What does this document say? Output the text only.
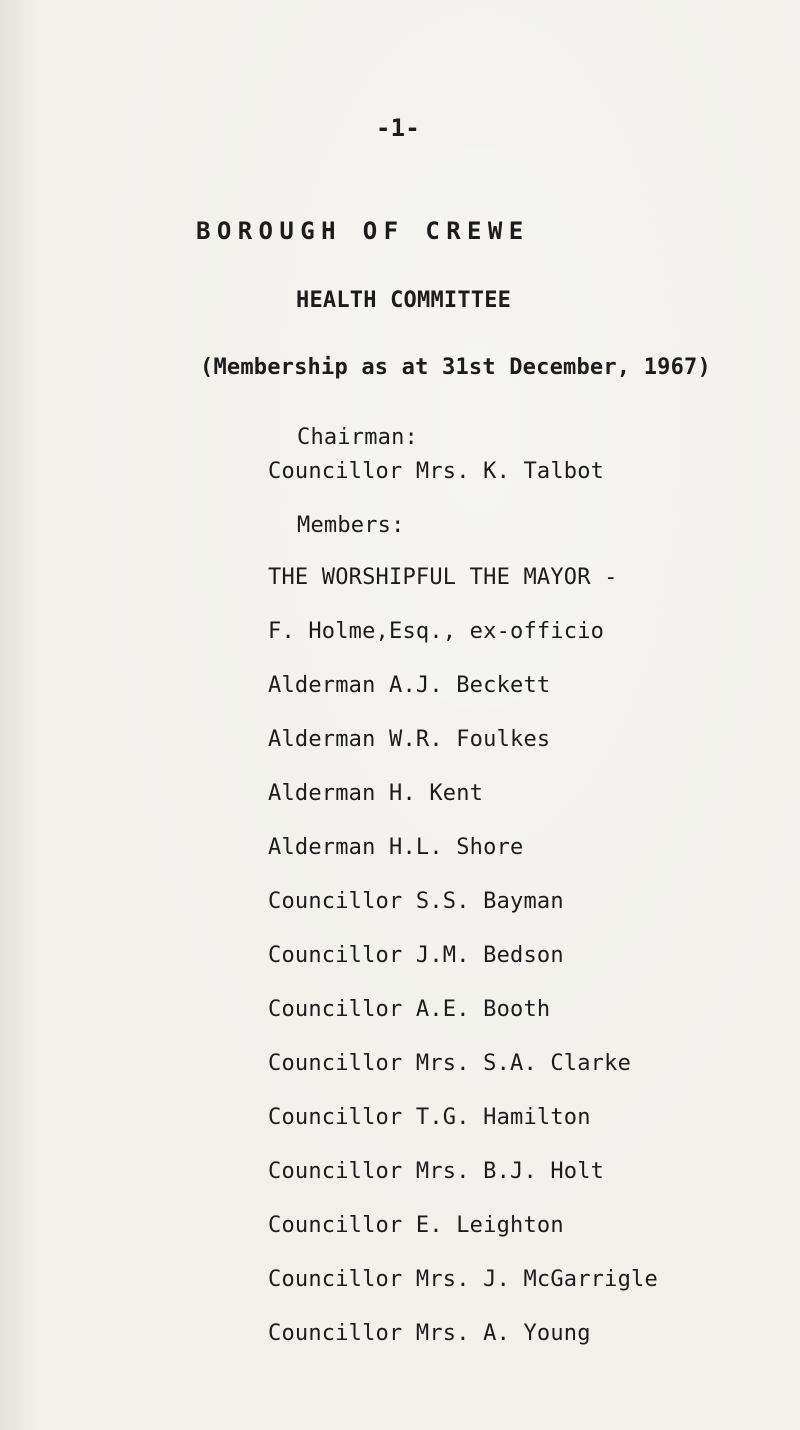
-1-
BOROUGH OF CREWE
HEALTH COMMITTEE
(Membership as at 31st December, 1967)
Chairman:
Councillor Mrs. K. Talbot
Members:
THE WORSHIPFUL THE MAYOR -
F. Holme,Esq., ex-officio
Alderman A.J. Beckett
Alderman W.R. Foulkes
Alderman H. Kent
Alderman H.L. Shore
Councillor S.S. Bayman
Councillor J.M. Bedson
Councillor A.E. Booth
Councillor Mrs. S.A. Clarke
Councillor T.G. Hamilton
Councillor Mrs. B.J. Holt
Councillor E. Leighton
Councillor Mrs. J. McGarrigle
Councillor Mrs. A. Young
